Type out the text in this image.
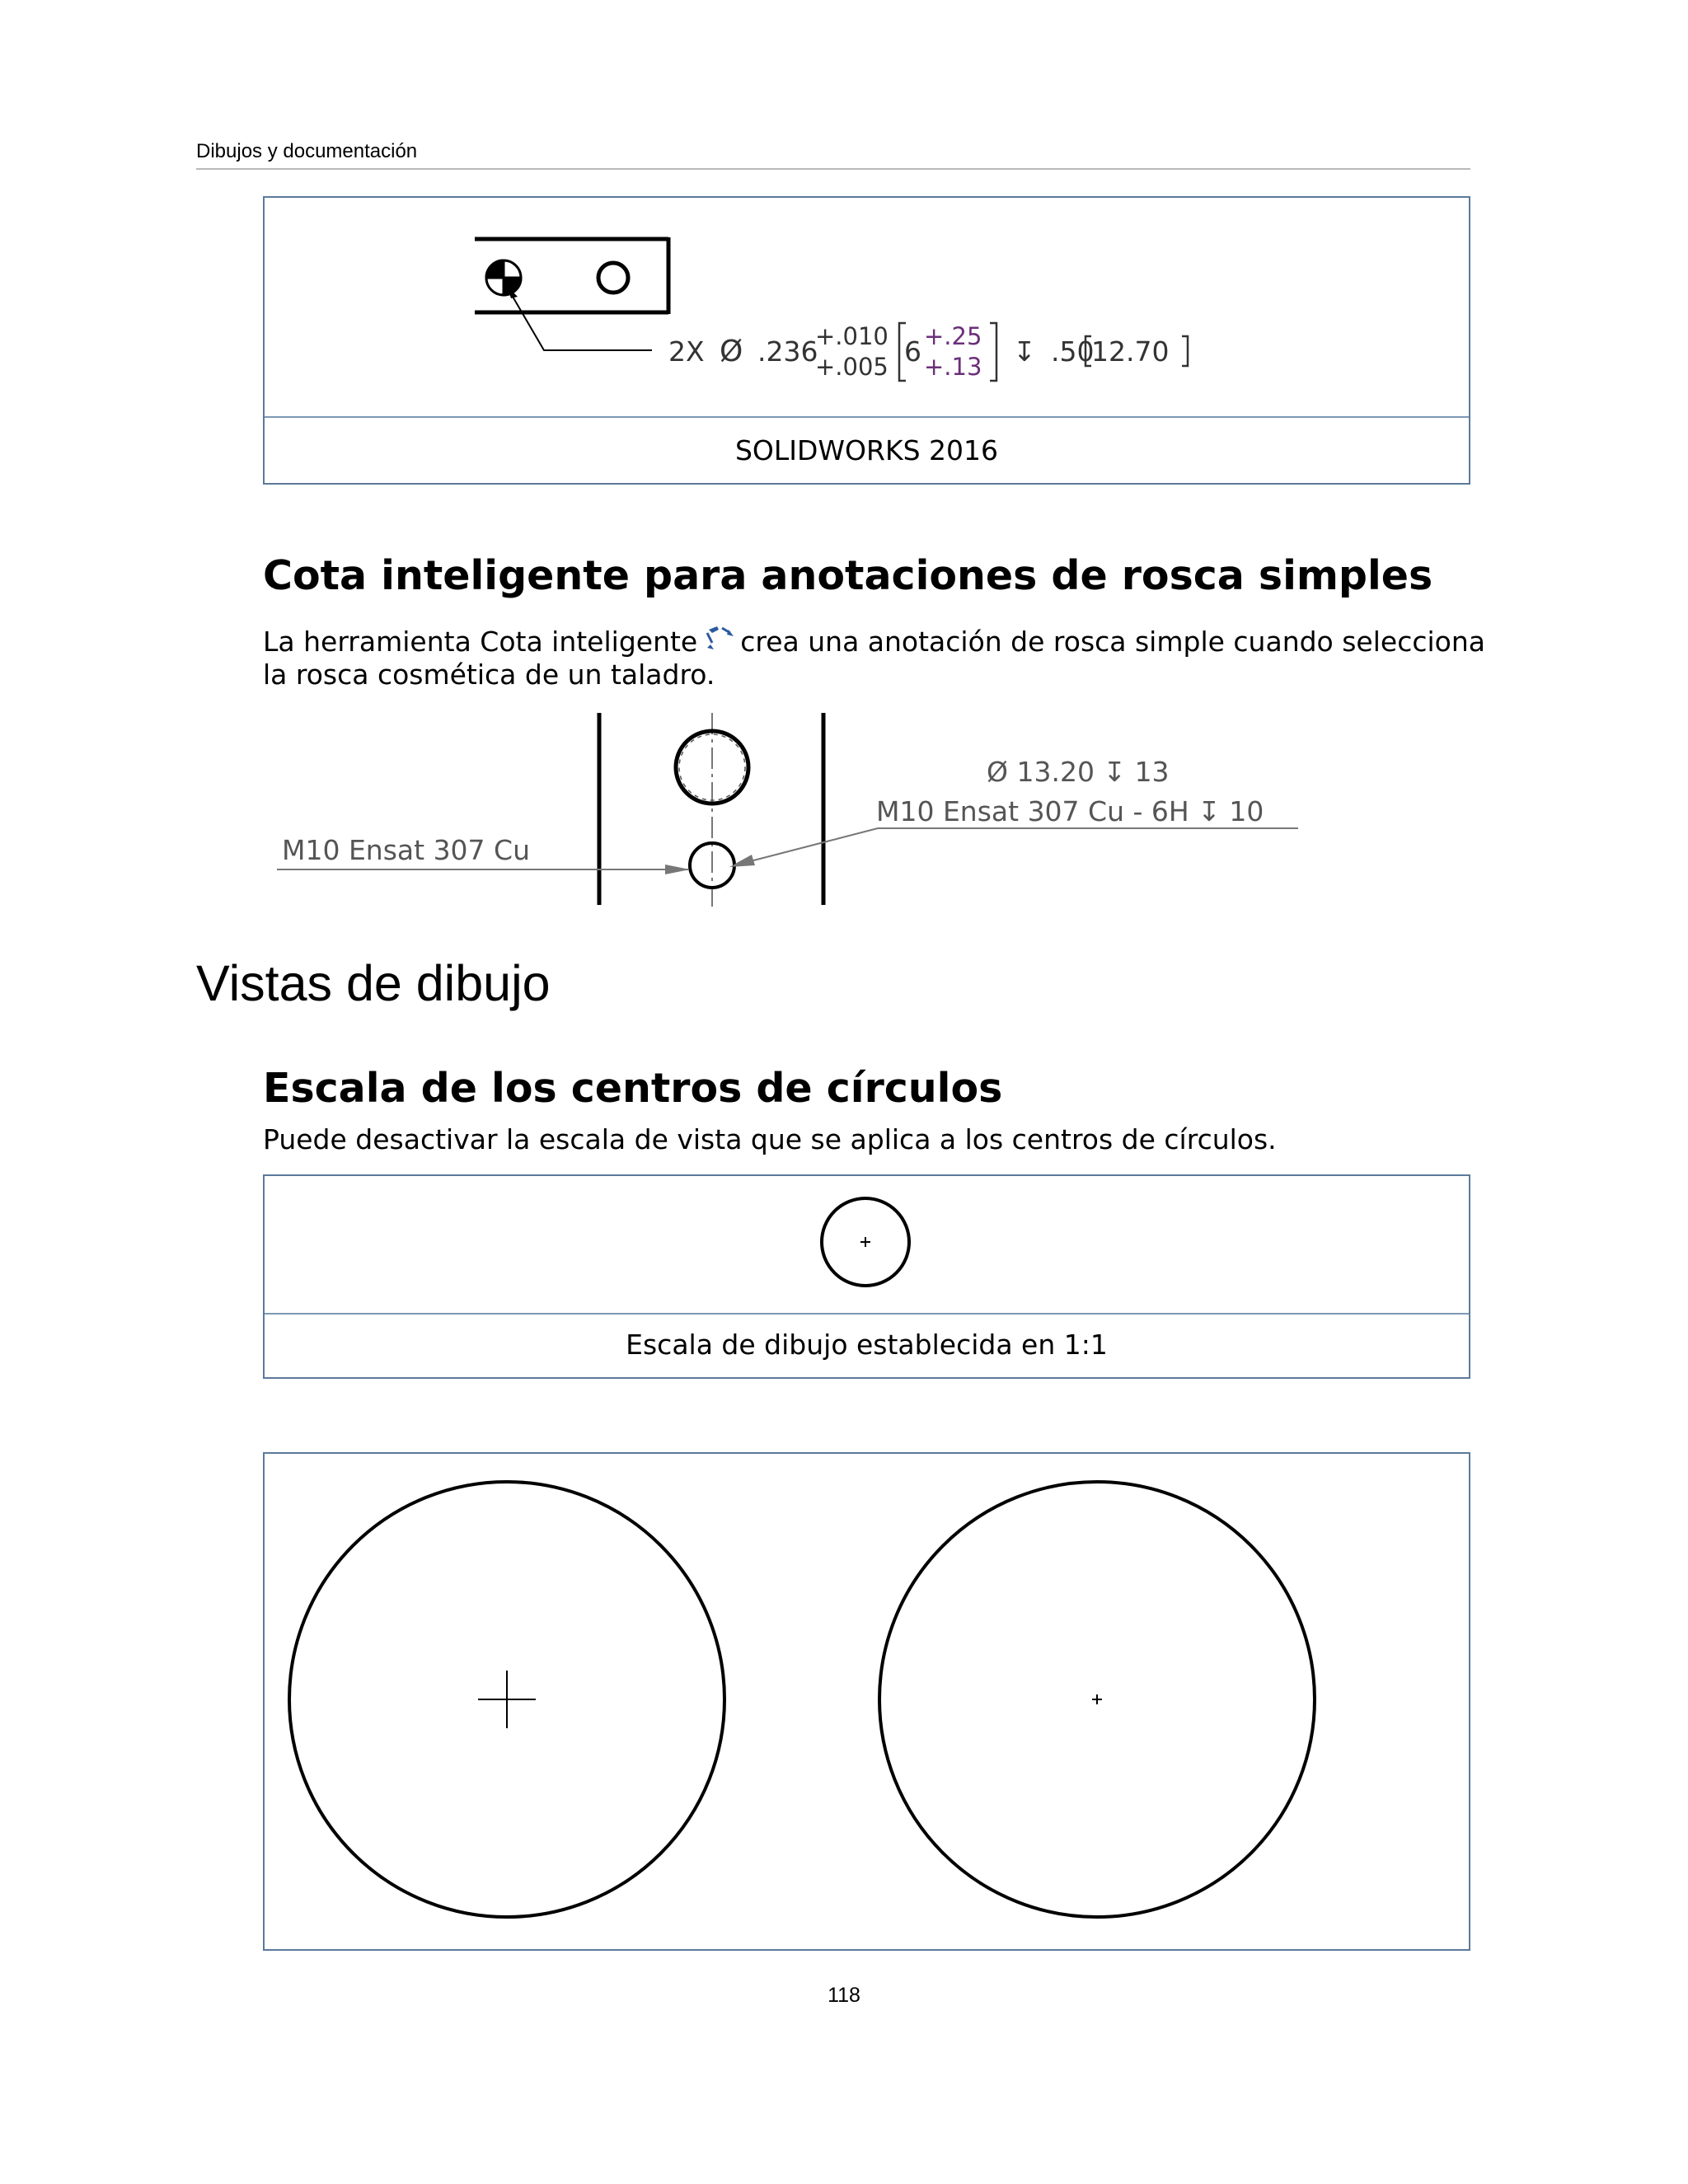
Dibujos y documentación
2X Ø .236
+.010
+.005 6 +.25
+.13 ↧ .50
12.70
SOLIDWORKS 2016
Cota inteligente para anotaciones de rosca simples
La herramienta Cota inteligente crea una anotación de rosca simple cuando selecciona
la rosca cosmética de un taladro.
M10 Ensat 307 Cu
Ø 13.20 ↧ 13
M10 Ensat 307 Cu - 6H ↧ 10
Vistas de dibujo
Escala de los centros de círculos
Puede desactivar la escala de vista que se aplica a los centros de círculos.
Escala de dibujo establecida en 1:1
118
